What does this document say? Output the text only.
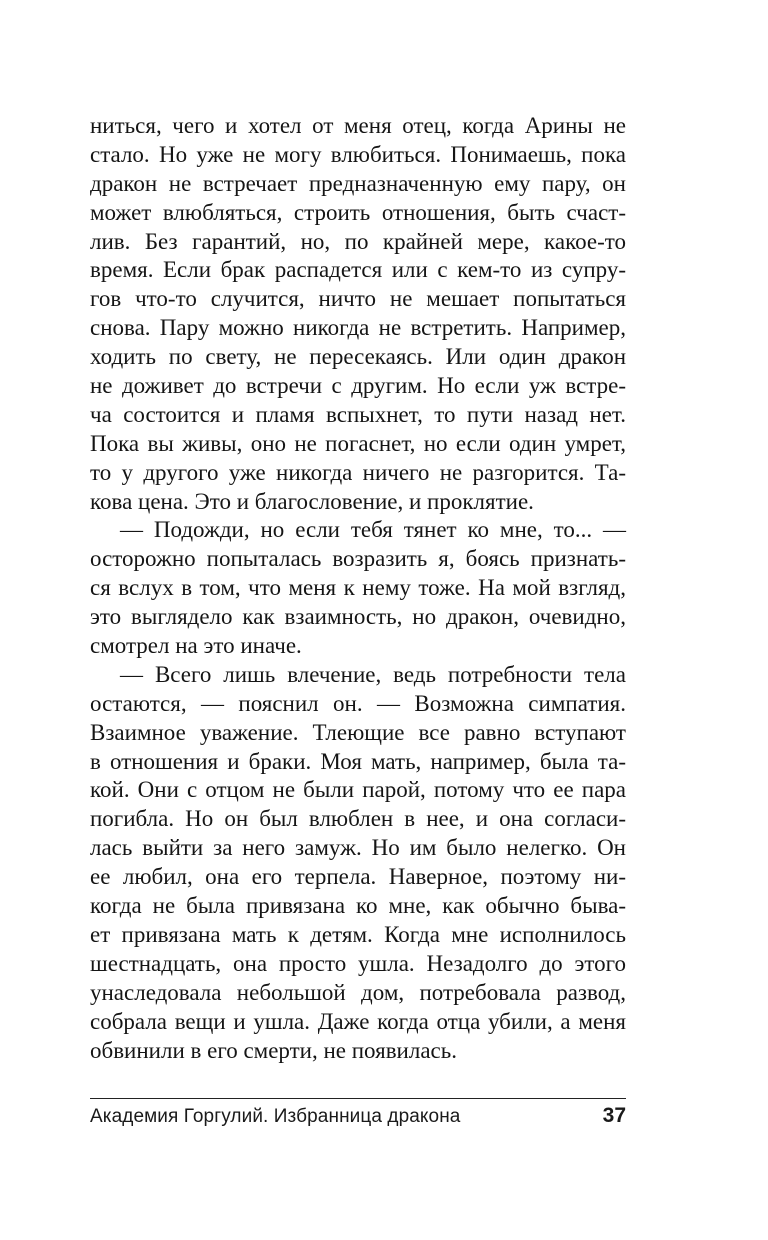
ниться, чего и хотел от меня отец, когда Арины не
стало. Но уже не могу влюбиться. Понимаешь, пока
дракон не встречает предназначенную ему пару, он
может влюбляться, строить отношения, быть счаст-
лив. Без гарантий, но, по крайней мере, какое-то
время. Если брак распадется или с кем-то из супру-
гов что-то случится, ничто не мешает попытаться
снова. Пару можно никогда не встретить. Например,
ходить по свету, не пересекаясь. Или один дракон
не доживет до встречи с другим. Но если уж встре-
ча состоится и пламя вспыхнет, то пути назад нет.
Пока вы живы, оно не погаснет, но если один умрет,
то у другого уже никогда ничего не разгорится. Та-
кова цена. Это и благословение, и проклятие.
— Подожди, но если тебя тянет ко мне, то... —
осторожно попыталась возразить я, боясь признать-
ся вслух в том, что меня к нему тоже. На мой взгляд,
это выглядело как взаимность, но дракон, очевидно,
смотрел на это иначе.
— Всего лишь влечение, ведь потребности тела
остаются, — пояснил он. — Возможна симпатия.
Взаимное уважение. Тлеющие все равно вступают
в отношения и браки. Моя мать, например, была та-
кой. Они с отцом не были парой, потому что ее пара
погибла. Но он был влюблен в нее, и она согласи-
лась выйти за него замуж. Но им было нелегко. Он
ее любил, она его терпела. Наверное, поэтому ни-
когда не была привязана ко мне, как обычно быва-
ет привязана мать к детям. Когда мне исполнилось
шестнадцать, она просто ушла. Незадолго до этого
унаследовала небольшой дом, потребовала развод,
собрала вещи и ушла. Даже когда отца убили, а меня
обвинили в его смерти, не появилась.
Академия Горгулий. Избранница дракона	37
